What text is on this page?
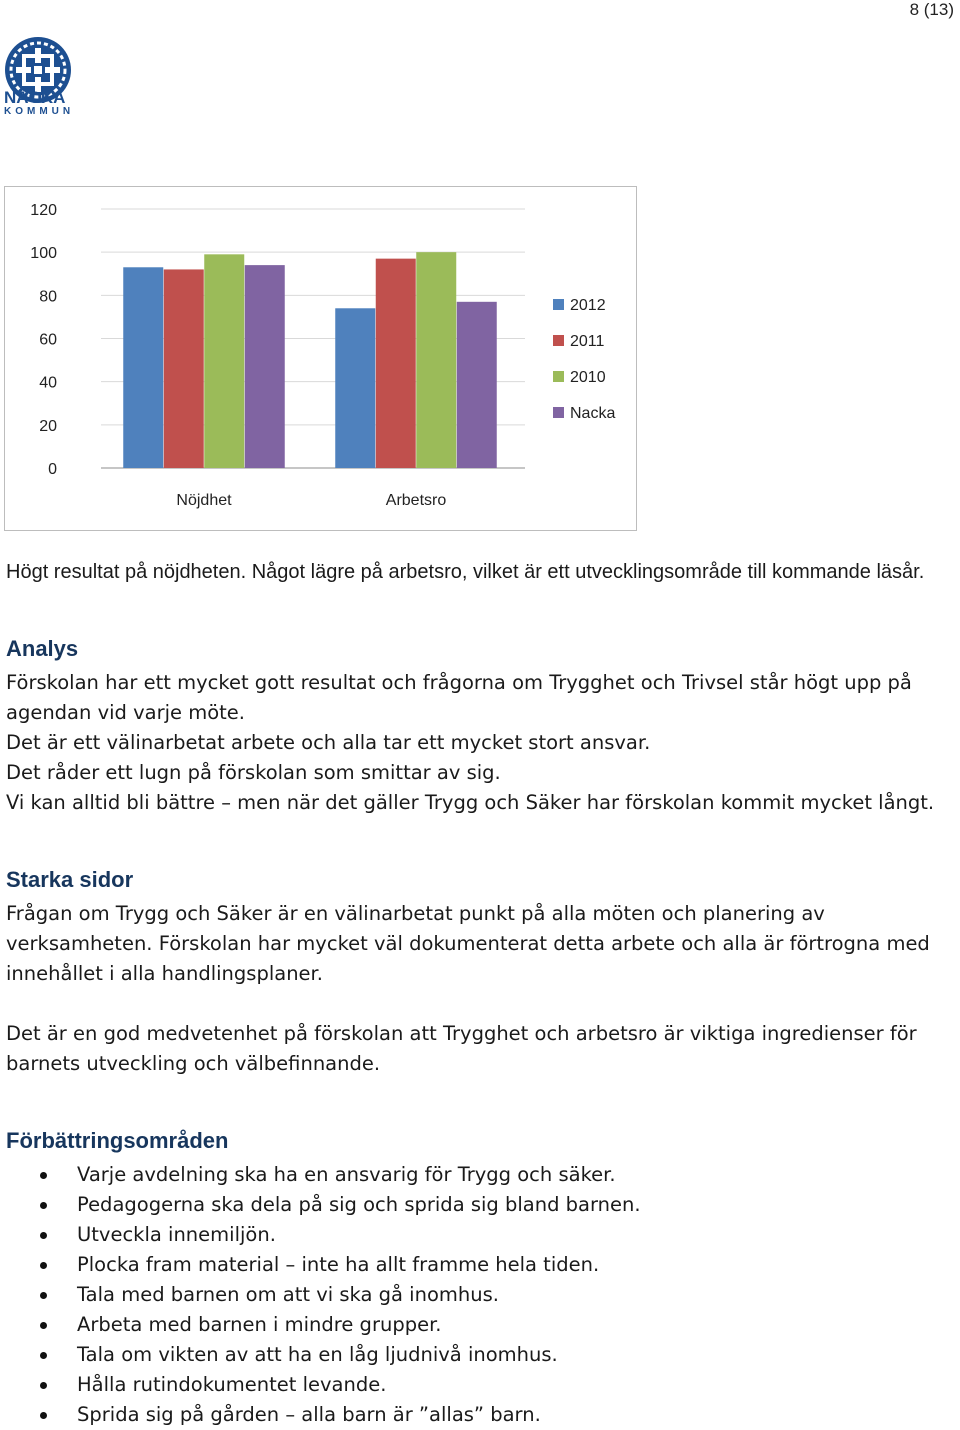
8 (13)
NACKA
KOMMUN
0
20
40
60
80
100
120
Nöjdhet	Arbetsro
2012
2011
2010
Nacka
Högt resultat på nöjdheten. Något lägre på arbetsro, vilket är ett utvecklingsområde till kommande läsår.
Analys

Förskolan har ett mycket gott resultat och frågorna om Trygghet och Trivsel står högt upp på agendan vid varje möte.

Det är ett välinarbetat arbete och alla tar ett mycket stort ansvar.

Det råder ett lugn på förskolan som smittar av sig.

Vi kan alltid bli bättre – men när det gäller Trygg och Säker har förskolan kommit mycket långt.

Starka sidor

Frågan om Trygg och Säker är en välinarbetat punkt på alla möten och planering av verksamheten. Förskolan har mycket väl dokumenterat detta arbete och alla är förtrogna med innehållet i alla handlingsplaner.

Det är en god medvetenhet på förskolan att Trygghet och arbetsro är viktiga ingredienser för barnets utveckling och välbefinnande.

Förbättringsområden
Varje avdelning ska ha en ansvarig för Trygg och säker.
Pedagogerna ska dela på sig och sprida sig bland barnen.
Utveckla innemiljön.
Plocka fram material – inte ha allt framme hela tiden.
Tala med barnen om att vi ska gå inomhus.
Arbeta med barnen i mindre grupper.
Tala om vikten av att ha en låg ljudnivå inomhus.
Hålla rutindokumentet levande.
Sprida sig på gården – alla barn är ”allas” barn.
